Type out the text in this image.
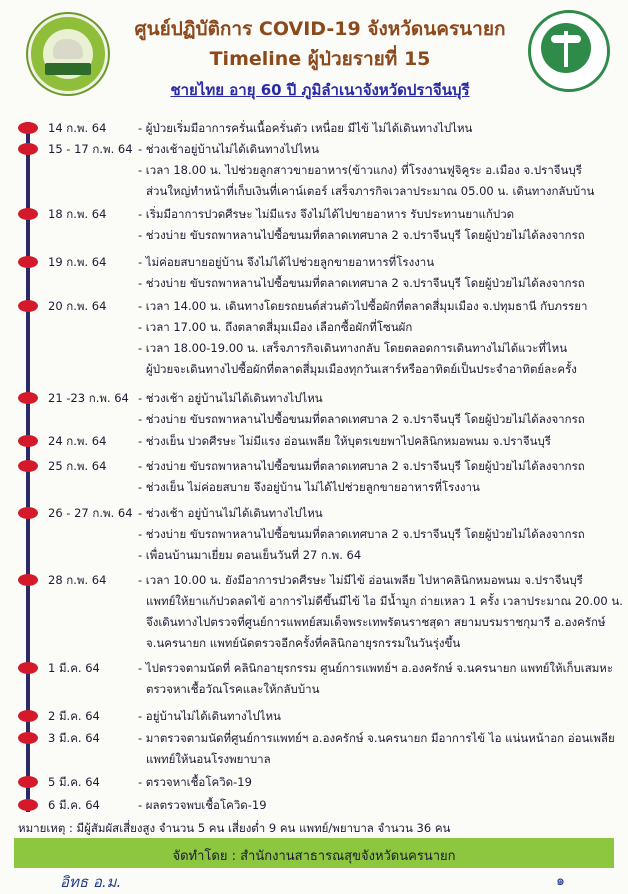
ศูนย์ปฏิบัติการ COVID-19 จังหวัดนครนายก
Timeline ผู้ป่วยรายที่ 15
ชายไทย อายุ 60 ปี ภูมิลำเนาจังหวัดปราจีนบุรี
14 ก.พ. 64	- ผู้ป่วยเริ่มมีอาการครั่นเนื้อครั่นตัว เหนื่อย มีไข้ ไม่ได้เดินทางไปไหน
15 - 17 ก.พ. 64 - ช่วงเช้าอยู่บ้านไม่ได้เดินทางไปไหน
- เวลา 18.00 น. ไปช่วยลูกสาวขายอาหาร(ข้าวแกง) ที่โรงงานฟูจิคูระ อ.เมือง จ.ปราจีนบุรี
ส่วนใหญ่ทำหน้าที่เก็บเงินที่เคาน์เตอร์ เสร็จภารกิจเวลาประมาณ 05.00 น. เดินทางกลับบ้าน
18 ก.พ. 64	- เริ่มมีอาการปวดศีรษะ ไม่มีแรง จึงไม่ได้ไปขายอาหาร รับประทานยาแก้ปวด
- ช่วงบ่าย ขับรถพาหลานไปซื้อขนมที่ตลาดเทศบาล 2 จ.ปราจีนบุรี โดยผู้ป่วยไม่ได้ลงจากรถ
19 ก.พ. 64	- ไม่ค่อยสบายอยู่บ้าน จึงไม่ได้ไปช่วยลูกขายอาหารที่โรงงาน
- ช่วงบ่าย ขับรถพาหลานไปซื้อขนมที่ตลาดเทศบาล 2 จ.ปราจีนบุรี โดยผู้ป่วยไม่ได้ลงจากรถ
20 ก.พ. 64	- เวลา 14.00 น. เดินทางโดยรถยนต์ส่วนตัวไปซื้อผักที่ตลาดสี่มุมเมือง จ.ปทุมธานี กับภรรยา
- เวลา 17.00 น. ถึงตลาดสี่มุมเมือง เลือกซื้อผักที่โซนผัก
- เวลา 18.00-19.00 น. เสร็จภารกิจเดินทางกลับ โดยตลอดการเดินทางไม่ได้แวะที่ไหน
ผู้ป่วยจะเดินทางไปซื้อผักที่ตลาดสี่มุมเมืองทุกวันเสาร์หรืออาทิตย์เป็นประจำอาทิตย์ละครั้ง
21 -23 ก.พ. 64 - ช่วงเช้า อยู่บ้านไม่ได้เดินทางไปไหน
- ช่วงบ่าย ขับรถพาหลานไปซื้อขนมที่ตลาดเทศบาล 2 จ.ปราจีนบุรี โดยผู้ป่วยไม่ได้ลงจากรถ
24 ก.พ. 64	- ช่วงเย็น ปวดศีรษะ ไม่มีแรง อ่อนเพลีย ให้บุตรเขยพาไปคลินิกหมอพนม จ.ปราจีนบุรี
25 ก.พ. 64	- ช่วงบ่าย ขับรถพาหลานไปซื้อขนมที่ตลาดเทศบาล 2 จ.ปราจีนบุรี โดยผู้ป่วยไม่ได้ลงจากรถ
- ช่วงเย็น ไม่ค่อยสบาย จึงอยู่บ้าน ไม่ได้ไปช่วยลูกขายอาหารที่โรงงาน
26 - 27 ก.พ. 64 - ช่วงเช้า อยู่บ้านไม่ได้เดินทางไปไหน
- ช่วงบ่าย ขับรถพาหลานไปซื้อขนมที่ตลาดเทศบาล 2 จ.ปราจีนบุรี โดยผู้ป่วยไม่ได้ลงจากรถ
- เพื่อนบ้านมาเยี่ยม ตอนเย็นวันที่ 27 ก.พ. 64
28 ก.พ. 64	- เวลา 10.00 น. ยังมีอาการปวดศีรษะ ไม่มีไข้ อ่อนเพลีย ไปหาคลินิกหมอพนม จ.ปราจีนบุรี
แพทย์ให้ยาแก้ปวดลดไข้ อาการไม่ดีขึ้นมีไข้ ไอ มีน้ำมูก ถ่ายเหลว 1 ครั้ง เวลาประมาณ 20.00 น.
จึงเดินทางไปตรวจที่ศูนย์การแพทย์สมเด็จพระเทพรัตนราชสุดา สยามบรมราชกุมารี อ.องครักษ์
จ.นครนายก แพทย์นัดตรวจอีกครั้งที่คลินิกอายุรกรรมในวันรุ่งขึ้น
1 มี.ค. 64	- ไปตรวจตามนัดที่ คลินิกอายุรกรรม ศูนย์การแพทย์ฯ อ.องครักษ์ จ.นครนายก แพทย์ให้เก็บเสมหะ
ตรวจหาเชื้อวัณโรคและให้กลับบ้าน
2 มี.ค. 64	- อยู่บ้านไม่ได้เดินทางไปไหน
3 มี.ค. 64	- มาตรวจตามนัดที่ศูนย์การแพทย์ฯ อ.องครักษ์ จ.นครนายก มีอาการไข้ ไอ แน่นหน้าอก อ่อนเพลีย
แพทย์ให้นอนโรงพยาบาล
5 มี.ค. 64	- ตรวจหาเชื้อโควิด-19
6 มี.ค. 64	- ผลตรวจพบเชื้อโควิด-19
หมายเหตุ : มีผู้สัมผัสเสี่ยงสูง จำนวน 5 คน เสี่ยงต่ำ 9 คน แพทย์/พยาบาล จำนวน 36 คน
จัดทำโดย : สำนักงานสาธารณสุขจังหวัดนครนายก
อิทธ อ.ม.	๑
